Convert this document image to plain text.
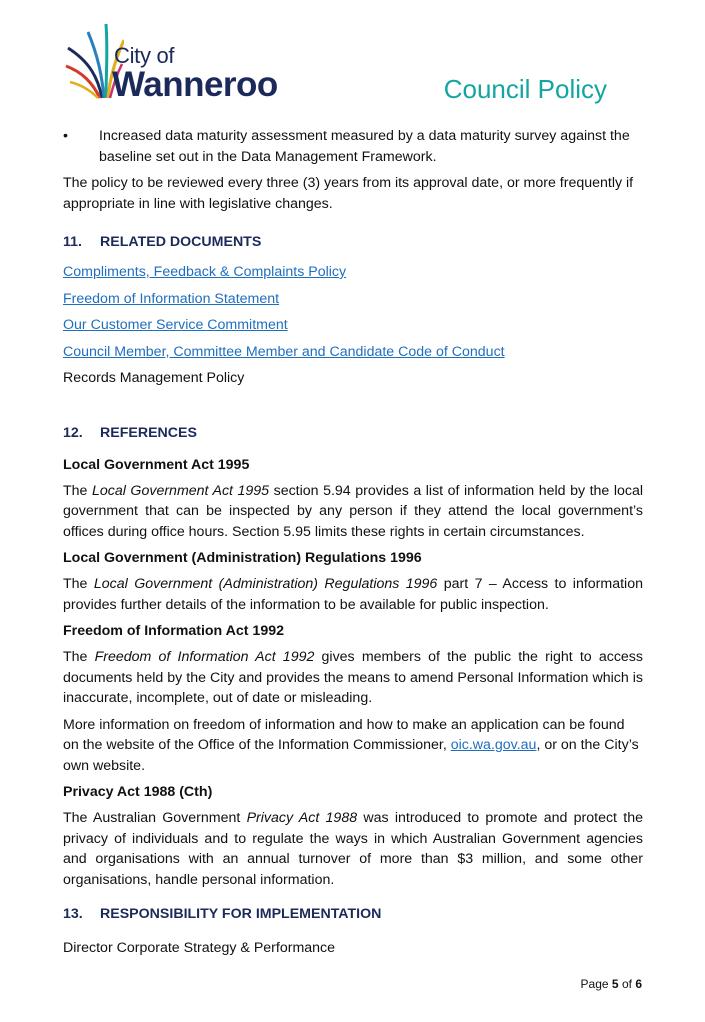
City of
Wanneroo	Council Policy
• Increased data maturity assessment measured by a data maturity survey against the baseline set out in the Data Management Framework.

The policy to be reviewed every three (3) years from its approval date, or more frequently if appropriate in line with legislative changes.

11. RELATED DOCUMENTS

Compliments, Feedback & Complaints Policy

Freedom of Information Statement

Our Customer Service Commitment

Council Member, Committee Member and Candidate Code of Conduct

Records Management Policy

12. REFERENCES
Local Government Act 1995

The Local Government Act 1995 section 5.94 provides a list of information held by the local government that can be inspected by any person if they attend the local government’s offices during office hours. Section 5.95 limits these rights in certain circumstances.

Local Government (Administration) Regulations 1996

The Local Government (Administration) Regulations 1996 part 7 – Access to information provides further details of the information to be available for public inspection.

Freedom of Information Act 1992

The Freedom of Information Act 1992 gives members of the public the right to access documents held by the City and provides the means to amend Personal Information which is inaccurate, incomplete, out of date or misleading.

More information on freedom of information and how to make an application can be found on the website of the Office of the Information Commissioner, oic.wa.gov.au, or on the City’s own website.

Privacy Act 1988 (Cth)

The Australian Government Privacy Act 1988 was introduced to promote and protect the privacy of individuals and to regulate the ways in which Australian Government agencies and organisations with an annual turnover of more than $3 million, and some other organisations, handle personal information.

13. RESPONSIBILITY FOR IMPLEMENTATION

Director Corporate Strategy & Performance

Page 5 of 6
